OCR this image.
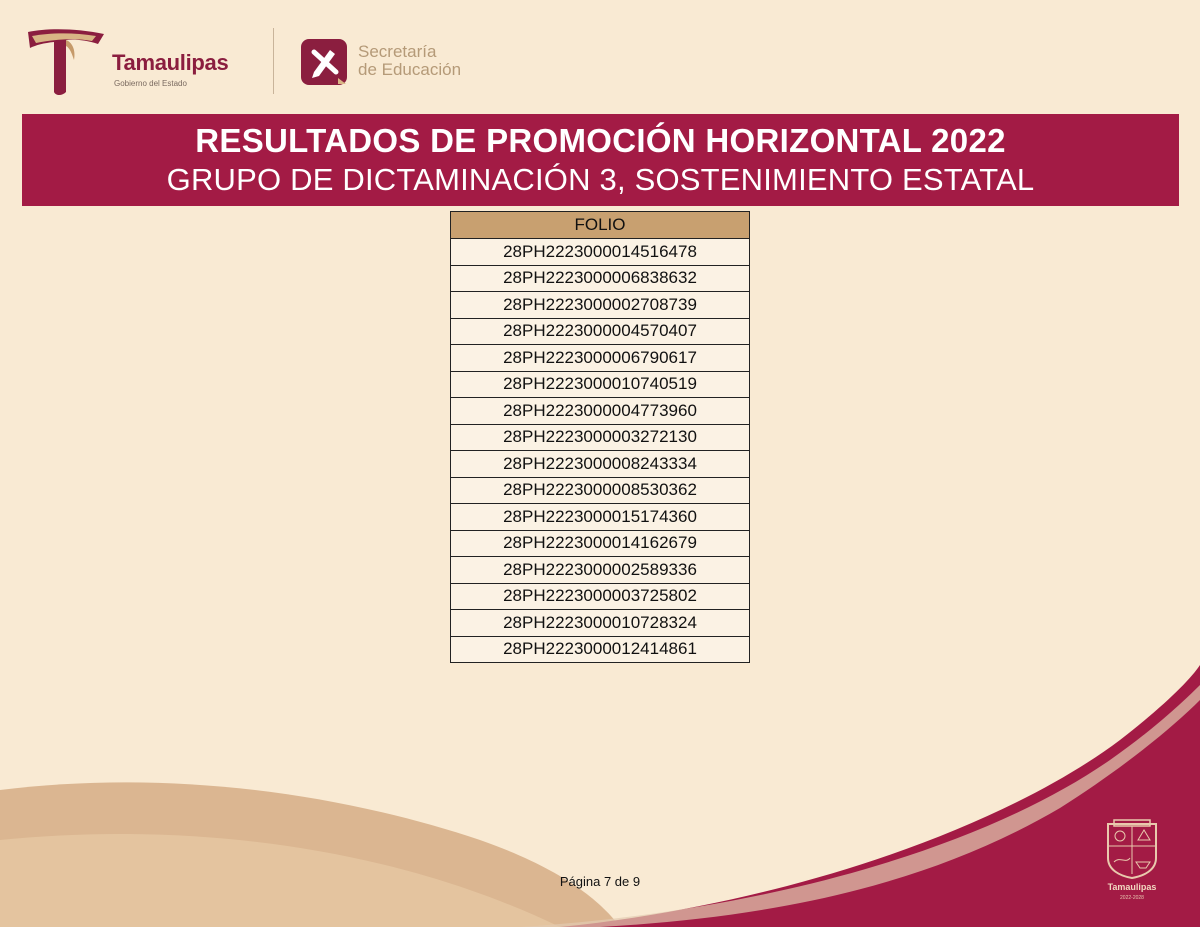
Tamaulipas
Gobierno del Estado
Secretaría
de Educación
RESULTADOS DE PROMOCIÓN HORIZONTAL 2022
GRUPO DE DICTAMINACIÓN 3, SOSTENIMIENTO ESTATAL
FOLIO
28PH2223000014516478
28PH2223000006838632
28PH2223000002708739
28PH2223000004570407
28PH2223000006790617
28PH2223000010740519
28PH2223000004773960
28PH2223000003272130
28PH2223000008243334
28PH2223000008530362
28PH2223000015174360
28PH2223000014162679
28PH2223000002589336
28PH2223000003725802
28PH2223000010728324
28PH2223000012414861
Página 7 de 9	Tamaulipas
2022-2028
